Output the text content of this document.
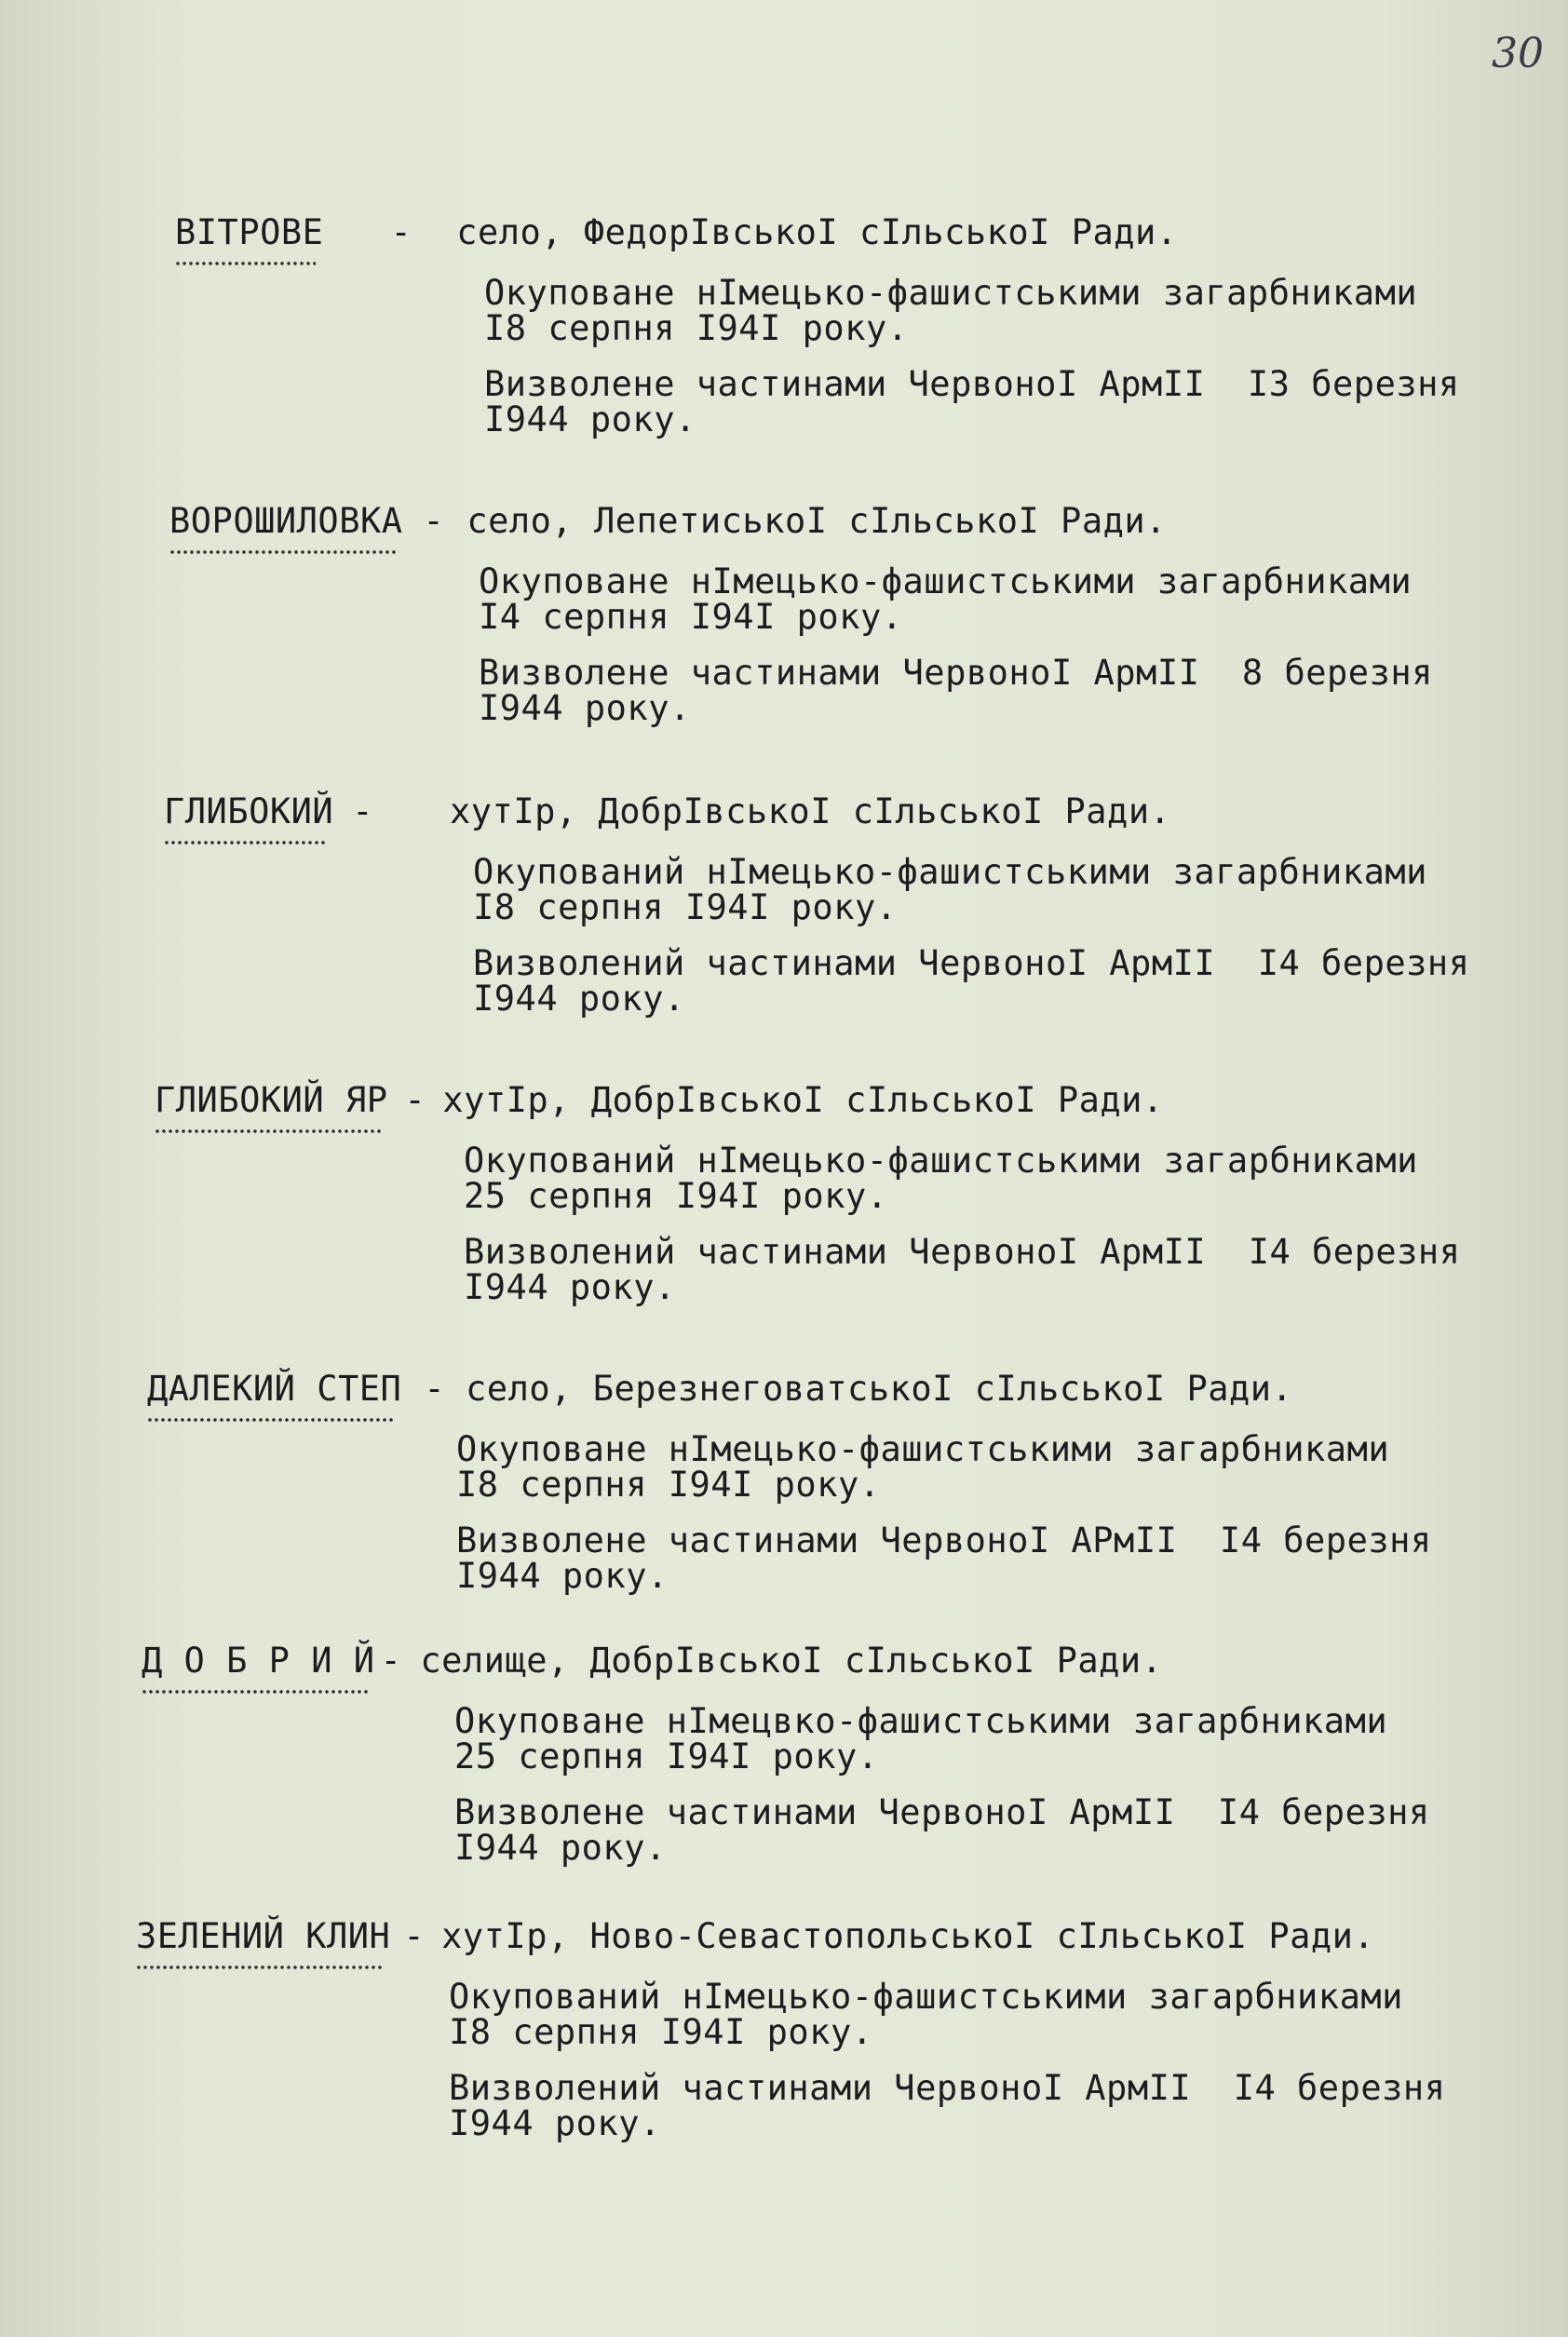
30
ВІТРОВЕ - село, ФедорІвськоІ сІльськоІ Ради.
Окуповане нІмецько-фашистськими загарбниками
І8 серпня І94І року.
Визволене частинами ЧервоноІ АрмІІ  ІЗ березня
І944 року.
ВОРОШИЛОВКА - село, ЛепетиськоІ сІльськоІ Ради.
Окуповане нІмецько-фашистськими загарбниками
І4 серпня І94І року.
Визволене частинами ЧервоноІ АрмІІ  8 березня
І944 року.
ГЛИБОКИЙ - хутІр, ДобрІвськоІ сІльськоІ Ради.
Окупований нІмецько-фашистськими загарбниками
І8 серпня І94І року.
Визволений частинами ЧервоноІ АрмІІ  І4 березня
І944 року.
ГЛИБОКИЙ ЯР - хутІр, ДобрІвськоІ сІльськоІ Ради.
Окупований нІмецько-фашистськими загарбниками
25 серпня І94І року.
Визволений частинами ЧервоноІ АрмІІ  І4 березня
І944 року.
ДАЛЕКИЙ СТЕП - село, БерезнеговатськоІ сІльськоІ Ради.
Окуповане нІмецько-фашистськими загарбниками
І8 серпня І94І року.
Визволене частинами ЧервоноІ АРмІІ  І4 березня
І944 року.
Д О Б Р И Й - селище, ДобрІвськоІ сІльськоІ Ради.
Окуповане нІмецвко-фашистськими загарбниками
25 серпня І94І року.
Визволене частинами ЧервоноІ АрмІІ  І4 березня
І944 року.
ЗЕЛЕНИЙ КЛИН - хутІр, Ново-СевастопольськоІ сІльськоІ Ради.
Окупований нІмецько-фашистськими загарбниками
І8 серпня І94І року.
Визволений частинами ЧервоноІ АрмІІ  І4 березня
І944 року.
